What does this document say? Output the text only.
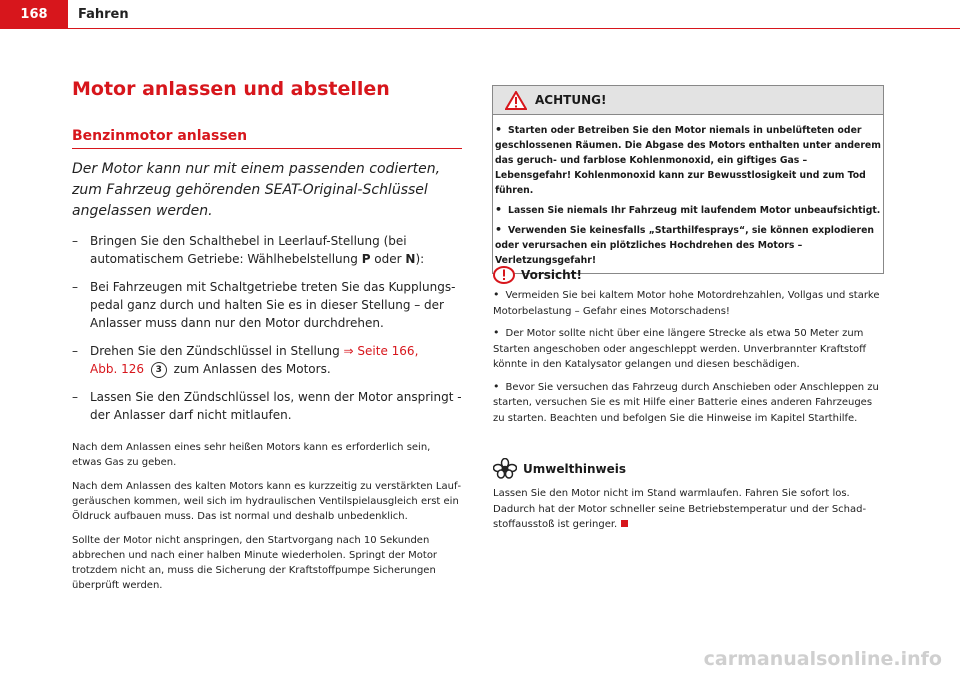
168	Fahren
Motor anlassen und abstellen
Benzinmotor anlassen
Der Motor kann nur mit einem passenden codierten, zum Fahrzeug gehörenden SEAT-Original-Schlüssel angelassen werden.
– Bringen Sie den Schalthebel in Leerlauf-Stellung (bei automatischem Getriebe: Wählhebelstellung P oder N):
– Bei Fahrzeugen mit Schaltgetriebe treten Sie das Kupplungspedal ganz durch und halten Sie es in dieser Stellung – der Anlasser muss dann nur den Motor durchdrehen.
– Drehen Sie den Zündschlüssel in Stellung ⇒ Seite 166,
Abb. 126 3 zum Anlassen des Motors.
– Lassen Sie den Zündschlüssel los, wenn der Motor anspringt - der Anlasser darf nicht mitlaufen.
Nach dem Anlassen eines sehr heißen Motors kann es erforderlich sein, etwas Gas zu geben.
Nach dem Anlassen des kalten Motors kann es kurzzeitig zu verstärkten Laufgeräuschen kommen, weil sich im hydraulischen Ventilspielausgleich erst ein Öldruck aufbauen muss. Das ist normal und deshalb unbedenklich.
Sollte der Motor nicht anspringen, den Startvorgang nach 10 Sekunden abbrechen und nach einer halben Minute wiederholen. Springt der Motor trotzdem nicht an, muss die Sicherung der Kraftstoffpumpe Sicherungen überprüft werden.
ACHTUNG!
• Starten oder Betreiben Sie den Motor niemals in unbelüfteten oder geschlossenen Räumen. Die Abgase des Motors enthalten unter anderem das geruch- und farblose Kohlenmonoxid, ein giftiges Gas – Lebensgefahr! Kohlenmonoxid kann zur Bewusstlosigkeit und zum Tod führen.
• Lassen Sie niemals Ihr Fahrzeug mit laufendem Motor unbeaufsichtigt.
• Verwenden Sie keinesfalls „Starthilfesprays“, sie können explodieren oder verursachen ein plötzliches Hochdrehen des Motors – Verletzungsgefahr!
Vorsicht!
• Vermeiden Sie bei kaltem Motor hohe Motordrehzahlen, Vollgas und starke Motorbelastung – Gefahr eines Motorschadens!
• Der Motor sollte nicht über eine längere Strecke als etwa 50 Meter zum Starten angeschoben oder angeschleppt werden. Unverbrannter Kraftstoff könnte in den Katalysator gelangen und diesen beschädigen.
• Bevor Sie versuchen das Fahrzeug durch Anschieben oder Anschleppen zu starten, versuchen Sie es mit Hilfe einer Batterie eines anderen Fahrzeuges zu starten. Beachten und befolgen Sie die Hinweise im Kapitel Starthilfe.
Umwelthinweis
Lassen Sie den Motor nicht im Stand warmlaufen. Fahren Sie sofort los. Dadurch hat der Motor schneller seine Betriebstemperatur und der Schadstoffausstoß ist geringer.
carmanualsonline.info
